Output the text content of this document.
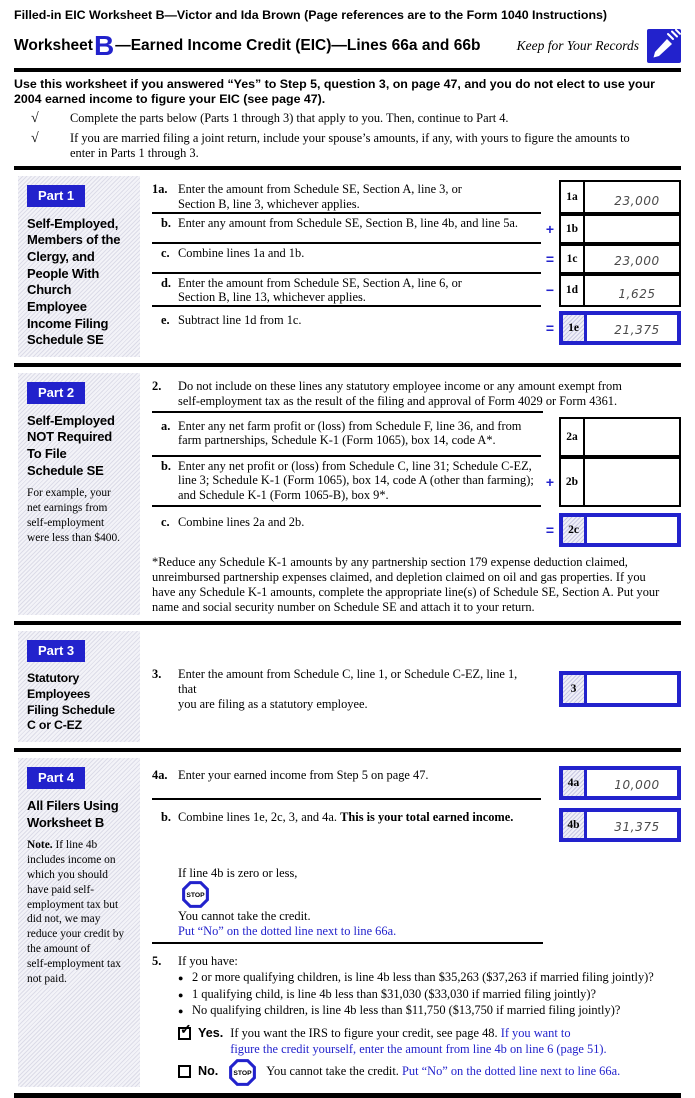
Filled-in EIC Worksheet B—Victor and Ida Brown (Page references are to the Form 1040 Instructions)
Worksheet B —Earned Income Credit (EIC)—Lines 66a and 66b	Keep for Your Records
Use this worksheet if you answered “Yes” to Step 5, question 3, on page 47, and you do not elect to use your
2004 earned income to figure your EIC (see page 47).
√	Complete the parts below (Parts 1 through 3) that apply to you. Then, continue to Part 4.
√	If you are married filing a joint return, include your spouse’s amounts, if any, with yours to figure the amounts to
enter in Parts 1 through 3.
Part 1
Self-Employed,
Members of the
Clergy, and
People With
Church Employee
Income Filing
Schedule SE
1a. Enter the amount from Schedule SE, Section A, line 3, or
Section B, line 3, whichever applies.	1a	23,000
b. Enter any amount from Schedule SE, Section B, line 4b, and line 5a.	+	1b
c. Combine lines 1a and 1b.	=	1c	23,000
d. Enter the amount from Schedule SE, Section A, line 6, or
Section B, line 13, whichever applies.	−	1d	1,625
e. Subtract line 1d from 1c.	=	1e	21,375
Part 2
Self-Employed
NOT Required
To File
Schedule SE
For example, your
net earnings from
self-employment
were less than $400.
2.	Do not include on these lines any statutory employee income or any amount exempt from
self-employment tax as the result of the filing and approval of Form 4029 or Form 4361.
a. Enter any net farm profit or (loss) from Schedule F, line 36, and from
farm partnerships, Schedule K-1 (Form 1065), box 14, code A*.	2a
b. Enter any net profit or (loss) from Schedule C, line 31; Schedule C-EZ,
line 3; Schedule K-1 (Form 1065), box 14, code A (other than farming);
and Schedule K-1 (Form 1065-B), box 9*.
+	2b
c. Combine lines 2a and 2b.	=	2c
*Reduce any Schedule K-1 amounts by any partnership section 179 expense deduction claimed,
unreimbursed partnership expenses claimed, and depletion claimed on oil and gas properties. If you
have any Schedule K-1 amounts, complete the appropriate line(s) of Schedule SE, Section A. Put your
name and social security number on Schedule SE and attach it to your return.
Part 3
Statutory Employees
Filing Schedule
C or C-EZ
3.	Enter the amount from Schedule C, line 1, or Schedule C-EZ, line 1, that
you are filing as a statutory employee.
3
Part 4
All Filers Using
Worksheet B
Note. If line 4b
includes income on
which you should
have paid self-
employment tax but
did not, we may
reduce your credit by
the amount of
self-employment tax
not paid.
4a. Enter your earned income from Step 5 on page 47.
4a	10,000
b. Combine lines 1e, 2c, 3, and 4a. This is your total earned income.
4b	31,375

If line 4b is zero or less,

STOP

You cannot take the credit.
Put “No” on the dotted line next to line 66a.

5.	If you have:
● 2 or more qualifying children, is line 4b less than $35,263 ($37,263 if married filing jointly)?
● 1 qualifying child, is line 4b less than $31,030 ($33,030 if married filing jointly)?
● No qualifying children, is line 4b less than $11,750 ($13,750 if married filing jointly)?
✓
Yes. If you want the IRS to figure your credit, see page 48. If you want to
figure the credit yourself, enter the amount from line 4b on line 6 (page 51).
No. STOP You cannot take the credit. Put “No” on the dotted line next to line 66a.
